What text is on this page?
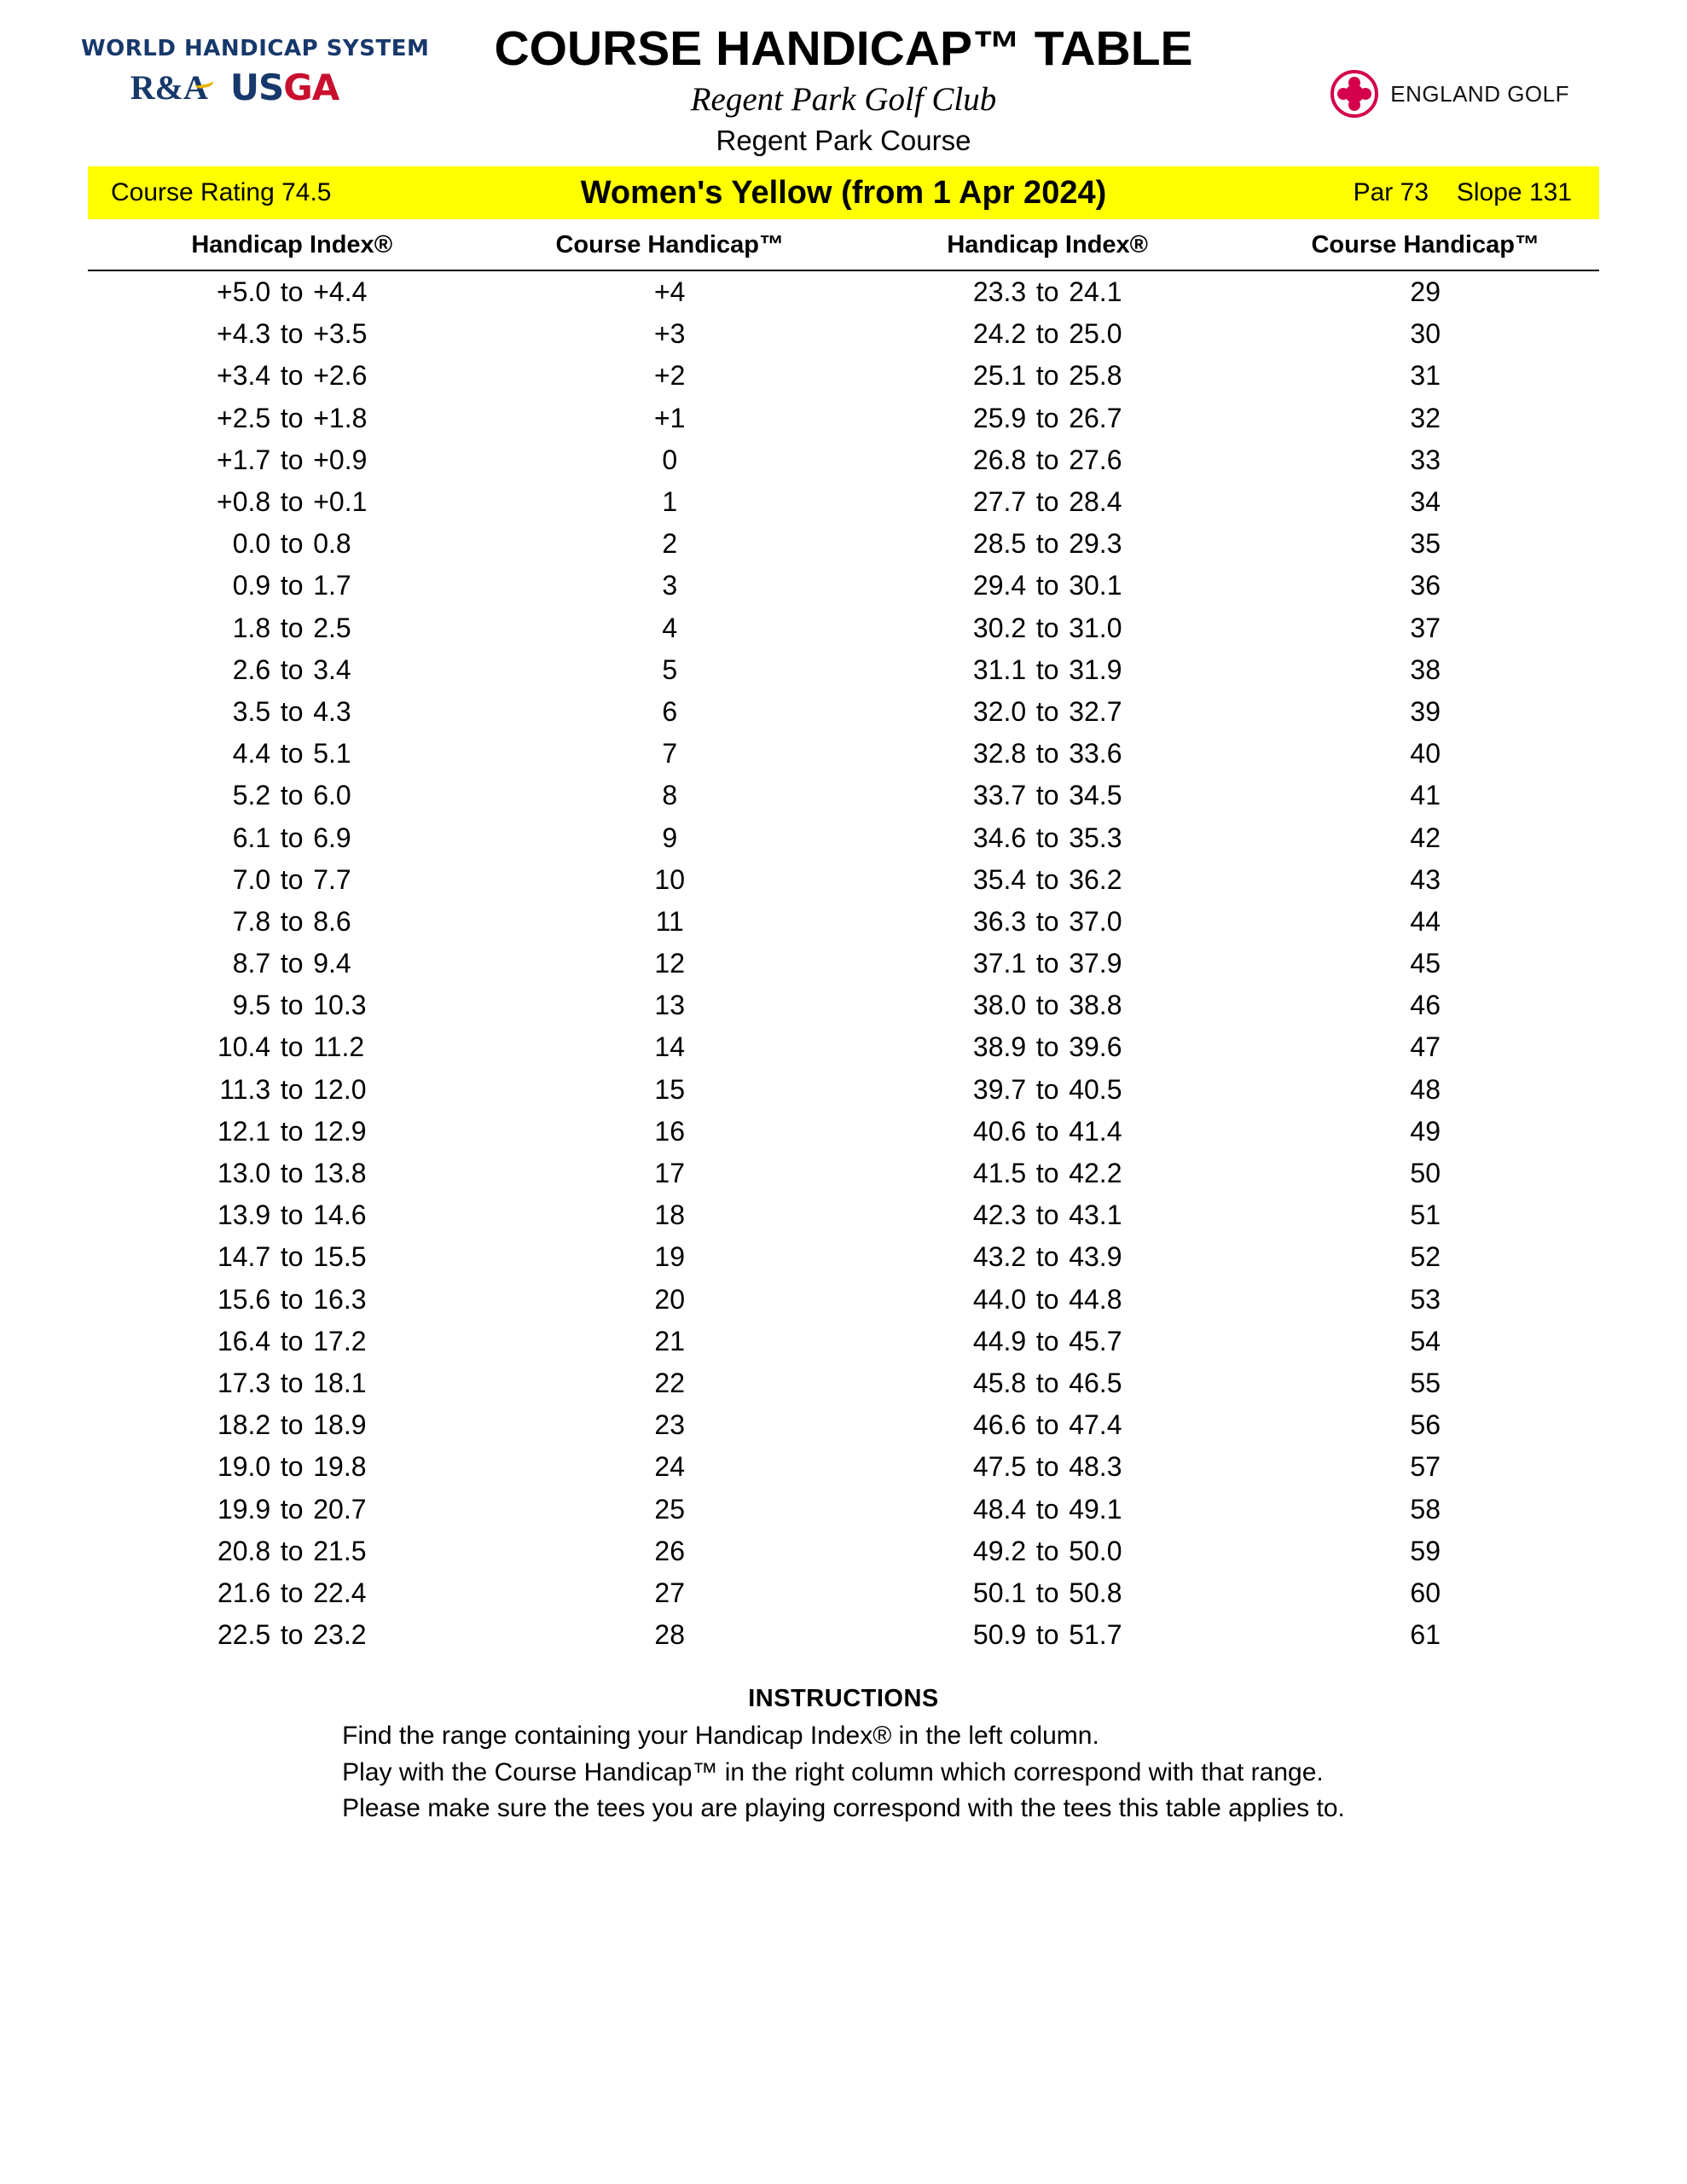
WORLD HANDICAP SYSTEM
R&A USGA
COURSE HANDICAP™ TABLE
Regent Park Golf Club
Regent Park Course
ENGLAND GOLF
Course Rating 74.5	Women's Yellow (from 1 Apr 2024)	Par 73 Slope 131
Handicap Index®	Course Handicap™	Handicap Index®	Course Handicap™
+5.0 to +4.4	+4	23.3 to 24.1	29
+4.3 to +3.5	+3	24.2 to 25.0	30
+3.4 to +2.6	+2	25.1 to 25.8	31
+2.5 to +1.8	+1	25.9 to 26.7	32
+1.7 to +0.9	0	26.8 to 27.6	33
+0.8 to +0.1	1	27.7 to 28.4	34
0.0 to 0.8	2	28.5 to 29.3	35
0.9 to 1.7	3	29.4 to 30.1	36
1.8 to 2.5	4	30.2 to 31.0	37
2.6 to 3.4	5	31.1 to 31.9	38
3.5 to 4.3	6	32.0 to 32.7	39
4.4 to 5.1	7	32.8 to 33.6	40
5.2 to 6.0	8	33.7 to 34.5	41
6.1 to 6.9	9	34.6 to 35.3	42
7.0 to 7.7	10	35.4 to 36.2	43
7.8 to 8.6	11	36.3 to 37.0	44
8.7 to 9.4	12	37.1 to 37.9	45
9.5 to 10.3	13	38.0 to 38.8	46
10.4 to 11.2	14	38.9 to 39.6	47
11.3 to 12.0	15	39.7 to 40.5	48
12.1 to 12.9	16	40.6 to 41.4	49
13.0 to 13.8	17	41.5 to 42.2	50
13.9 to 14.6	18	42.3 to 43.1	51
14.7 to 15.5	19	43.2 to 43.9	52
15.6 to 16.3	20	44.0 to 44.8	53
16.4 to 17.2	21	44.9 to 45.7	54
17.3 to 18.1	22	45.8 to 46.5	55
18.2 to 18.9	23	46.6 to 47.4	56
19.0 to 19.8	24	47.5 to 48.3	57
19.9 to 20.7	25	48.4 to 49.1	58
20.8 to 21.5	26	49.2 to 50.0	59
21.6 to 22.4	27	50.1 to 50.8	60
22.5 to 23.2	28	50.9 to 51.7	61
INSTRUCTIONS
Find the range containing your Handicap Index® in the left column.
Play with the Course Handicap™ in the right column which correspond with that range.
Please make sure the tees you are playing correspond with the tees this table applies to.
